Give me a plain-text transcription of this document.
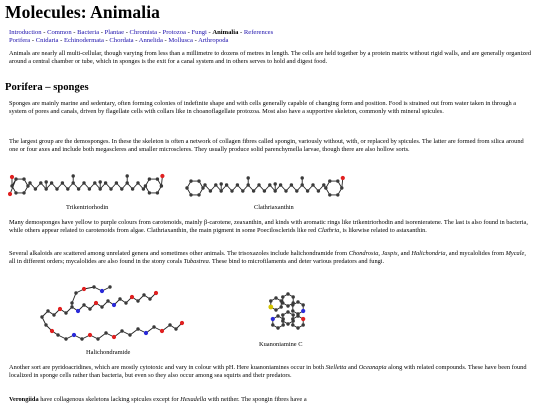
Molecules: Animalia
Introduction - Common - Bacteria - Plantae - Chromista - Protozoa - Fungi - Animalia - References
Porifera - Cnidaria - Echinodermata - Chordata - Annelida - Mollusca - Arthropoda

Animals are nearly all multi-cellular, though varying from less than a millimetre to dozens of metres in length. The cells are held together by a protein matrix without rigid walls, and are generally organized around a central chamber or tube, which in sponges is the exit for a canal system and in others serves to hold and digest food.

Porifera – sponges

Sponges are mainly marine and sedentary, often forming colonies of indefinite shape and with cells generally capable of changing form and position. Food is strained out from water taken in through a system of pores and canals, driven by flagellate cells with collars like in choanoflagellate protozoa. Most also have a supportive skeleton, commonly with mineral spicules.

The largest group are the demosponges. In these the skeleton is often a network of collagen fibres called spongin, variously without, with, or replaced by spicules. The latter are formed from silica around one or four axes and include both megascleres and smaller microscleres. They usually produce solid parenchymella larvae, though there are also hollow sorts.

Trikentriorhodin	Clathriaxanthin

Many demosponges have yellow to purple colours from carotenoids, mainly β-carotene, zeaxanthin, and kinds with aromatic rings like trikentriorhodin and isorenieratene. The last is also found in bacteria, while others appear related to carotenoids from algae. Clathriaxanthin, the main pigment in some Poecilosclerids like red Clathria, is likewise related to astaxanthin.

Several alkaloids are scattered among unrelated genera and sometimes other animals. The trisoxazoles include halichondramide from Chondrosia, Jaspis, and Halichondria, and mycalolides from Mycale, all in different orders; mycalolides are also found in the stony corals Tubastrea. These bind to microfilaments and deter various predators and fungi.

Halichondramide
Kuanoniamine C

Another sort are pyridoacridines, which are mostly cytotoxic and vary in colour with pH. Here kuanoniamines occur in both Stelletta and Oceanapia along with related compounds. These have been found localized in sponge cells rather than bacteria, but even so they also occur among sea squirts and their predators.

Verongiida have collagenous skeletons lacking spicules except for Hexadella with neither. The spongin fibres have a
